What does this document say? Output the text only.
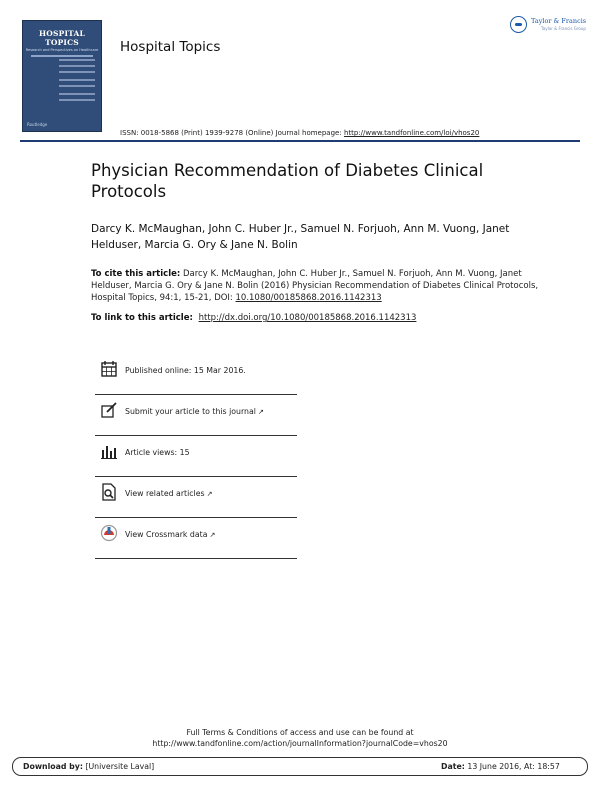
HOSPITAL TOPICS
Research and Perspectives on Healthcare
Routledge
Hospital Topics
Taylor & Francis
Taylor & Francis Group
ISSN: 0018-5868 (Print) 1939-9278 (Online) Journal homepage: http://www.tandfonline.com/loi/vhos20
Physician Recommendation of Diabetes Clinical Protocols
Darcy K. McMaughan, John C. Huber Jr., Samuel N. Forjuoh, Ann M. Vuong, Janet Helduser, Marcia G. Ory & Jane N. Bolin
To cite this article: Darcy K. McMaughan, John C. Huber Jr., Samuel N. Forjuoh, Ann M. Vuong, Janet Helduser, Marcia G. Ory & Jane N. Bolin (2016) Physician Recommendation of Diabetes Clinical Protocols, Hospital Topics, 94:1, 15-21, DOI: 10.1080/00185868.2016.1142313
To link to this article: http://dx.doi.org/10.1080/00185868.2016.1142313
Published online: 15 Mar 2016.
Submit your article to this journal ↗
Article views: 15
View related articles ↗
View Crossmark data ↗
Full Terms & Conditions of access and use can be found at
http://www.tandfonline.com/action/journalInformation?journalCode=vhos20
Download by: [Universite Laval]	Date: 13 June 2016, At: 18:57
